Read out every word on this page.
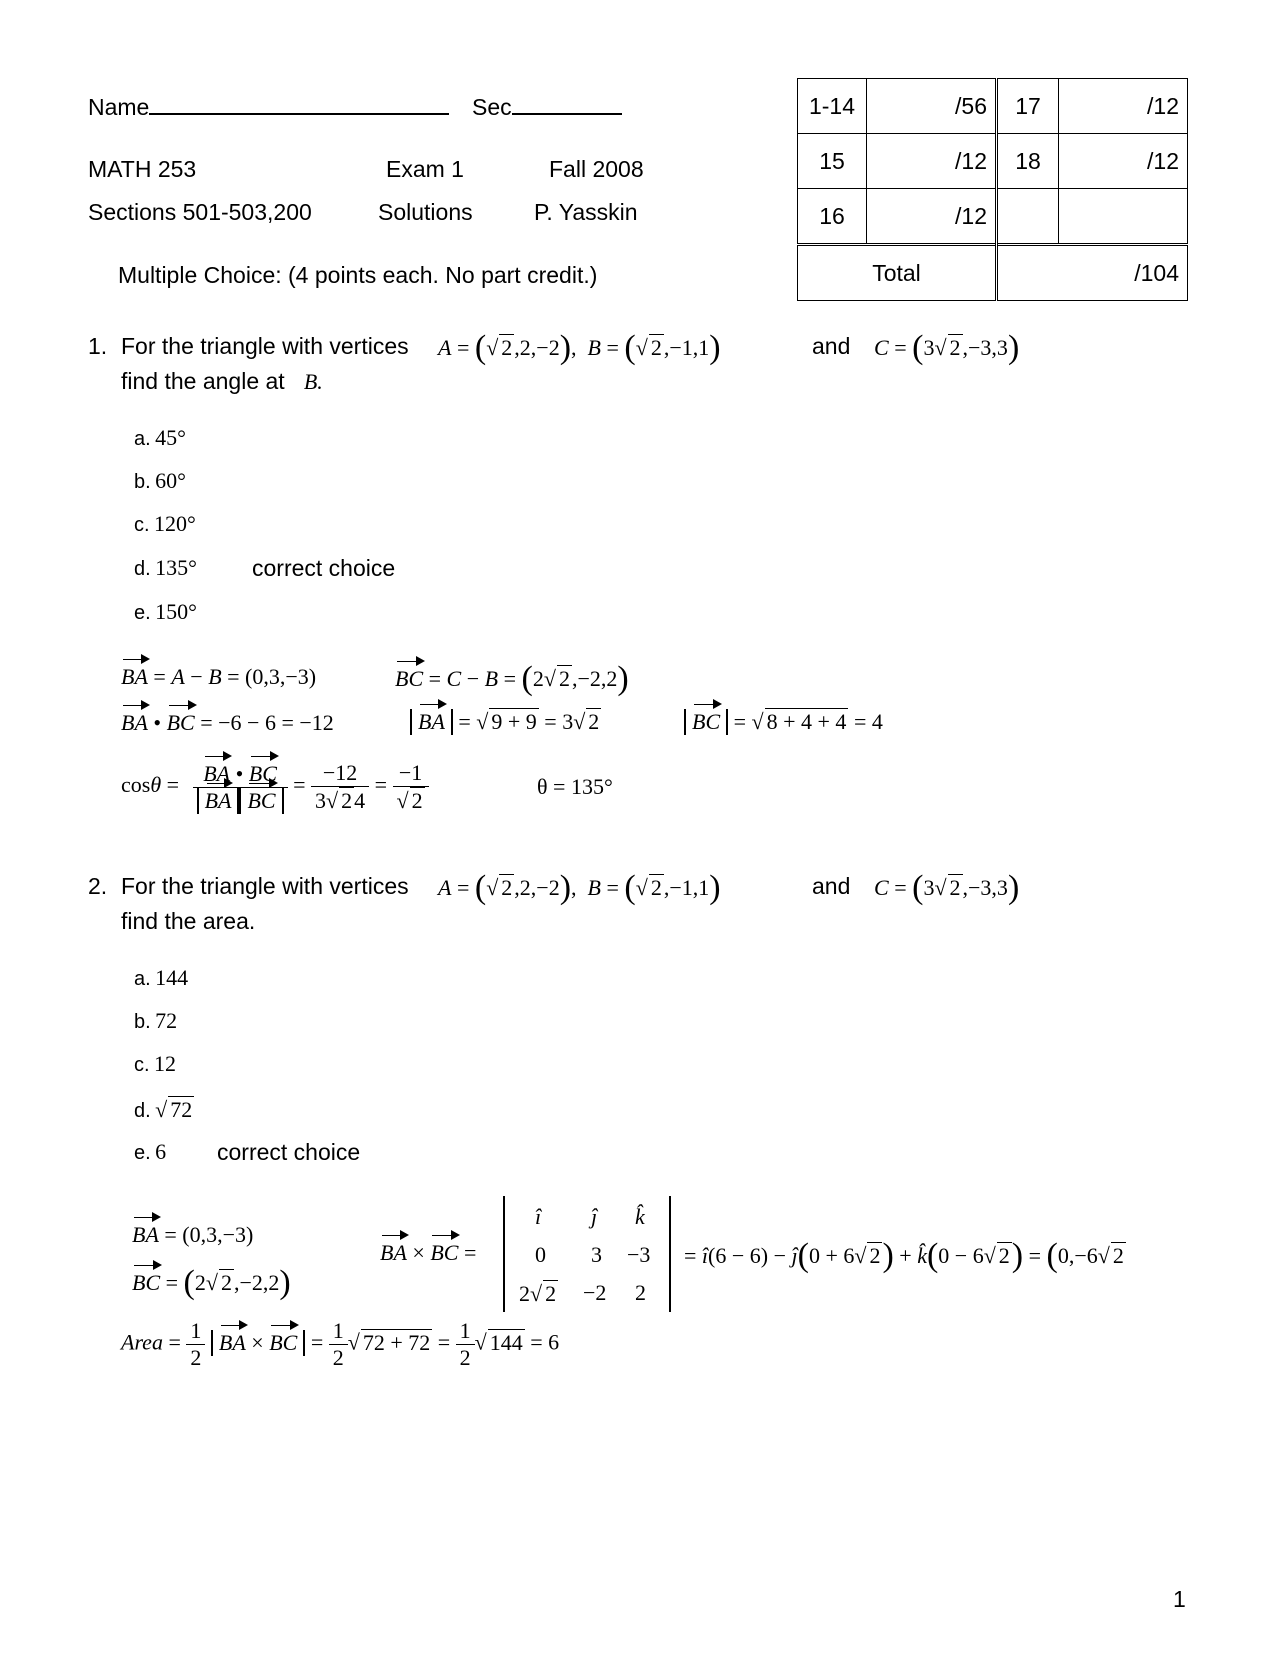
Name	Sec
MATH 253	Exam 1	Fall 2008
Sections 501-503,200	Solutions	P. Yasskin
Multiple Choice: (4 points each. No part credit.)
1-14	/56	17	/12
15	/12	18	/12
16	/12		
Total		/104	
1. For the triangle with vertices A = (√ 2,2,−2),  B = (√ 2,−1,1)	and C = (3√ 2,−3,3)
find the angle at B.
a. 45°
b. 60°
c. 120°
d. 135° correct choice
e. 150°
BA = A − B = (0,3,−3)	BC = C − B = (2√ 2,−2,2)
BA • BC = −6 − 6 = −12	BA = √ 9 + 9 = 3√ 2	BC = √ 8 + 4 + 4 = 4
$\cos\theta = \frac{BA • BC}{\text{BA BC}} = \frac{-12}{3√ 24} = \frac{-1}{√ 2}$	θ = 135°
2. For the triangle with vertices A = (√ 2,2,−2),  B = (√ 2,−1,1)	and C = (3√ 2,−3,3)
find the area.
a. 144
b. 72
c. 12
d. √ 72
e. 6 correct choice
BA = (0,3,−3)
BC = (2√ 2,−2,2)
BA × BC =
î ĵ k̂
0 3 −3
2√ 2 −2 2
= î(6 − 6) − ĵ(0 + 6√ 2) + k̂(0 − 6√ 2) = (0,−6√ 2
Area = $\frac{1}{2}$ BA × BC = $\frac{1}{2}$ √ $72 + 72 = \frac{1}{2}$ √ 144 = 6
1
